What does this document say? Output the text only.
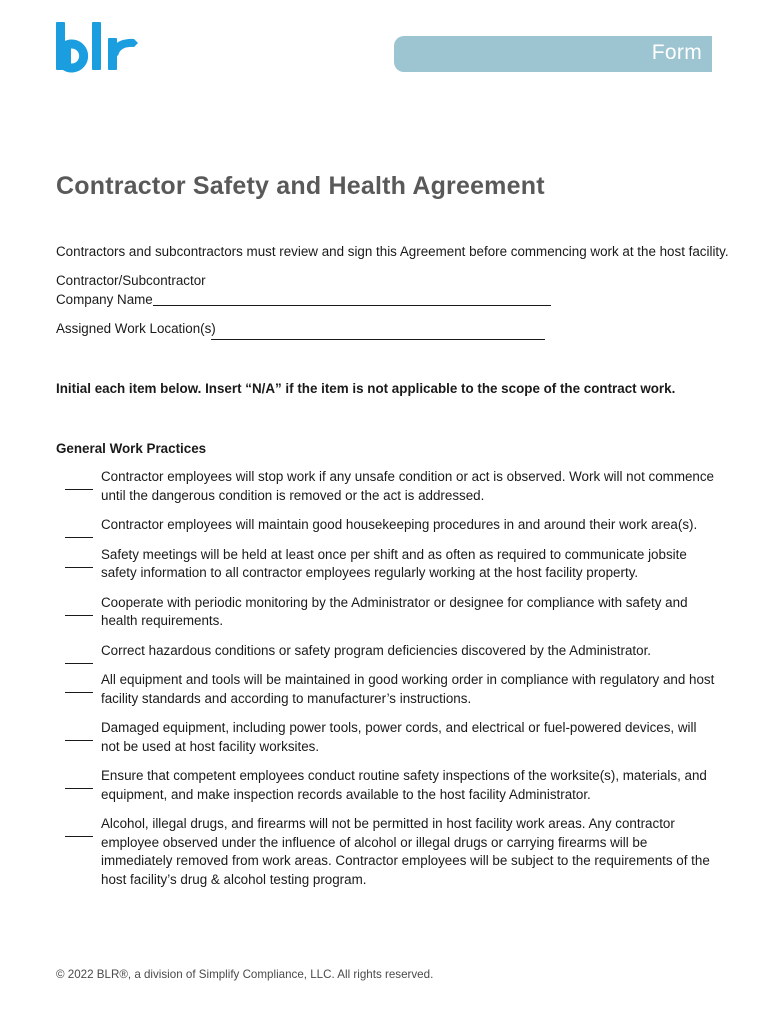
Form
Contractor Safety and Health Agreement

Contractors and subcontractors must review and sign this Agreement before commencing work at the host facility.

Contractor/Subcontractor
Company Name
Assigned Work Location(s)

Initial each item below. Insert “N/A” if the item is not applicable to the scope of the contract work.

General Work Practices
Contractor employees will stop work if any unsafe condition or act is observed. Work will not commence until the dangerous condition is removed or the act is addressed.
Contractor employees will maintain good housekeeping procedures in and around their work area(s).
Safety meetings will be held at least once per shift and as often as required to communicate jobsite safety information to all contractor employees regularly working at the host facility property.
Cooperate with periodic monitoring by the Administrator or designee for compliance with safety and health requirements.
Correct hazardous conditions or safety program deficiencies discovered by the Administrator.
All equipment and tools will be maintained in good working order in compliance with regulatory and host facility standards and according to manufacturer’s instructions.
Damaged equipment, including power tools, power cords, and electrical or fuel-powered devices, will not be used at host facility worksites.
Ensure that competent employees conduct routine safety inspections of the worksite(s), materials, and equipment, and make inspection records available to the host facility Administrator.
Alcohol, illegal drugs, and firearms will not be permitted in host facility work areas. Any contractor employee observed under the influence of alcohol or illegal drugs or carrying firearms will be immediately removed from work areas. Contractor employees will be subject to the requirements of the host facility’s drug & alcohol testing program.

© 2022 BLR®, a division of Simplify Compliance, LLC. All rights reserved.
